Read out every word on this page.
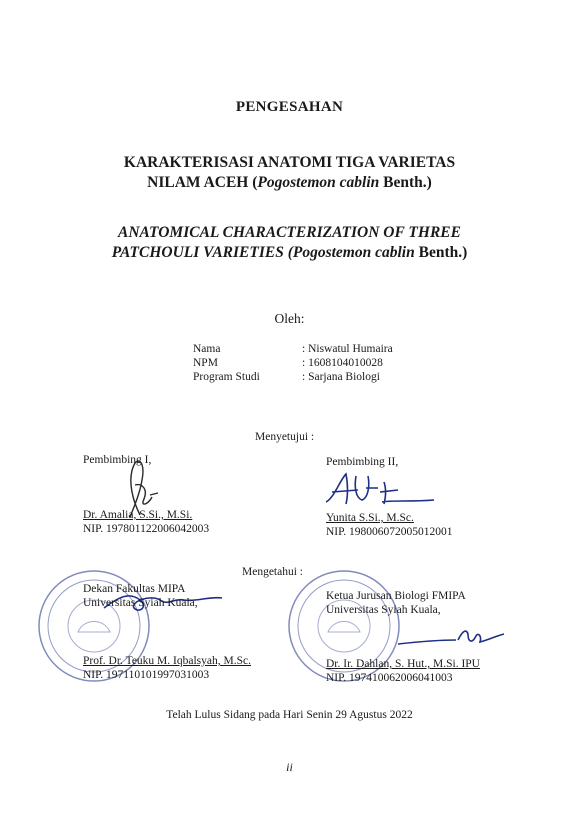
PENGESAHAN
KARAKTERISASI ANATOMI TIGA VARIETAS
NILAM ACEH (Pogostemon cablin Benth.)
ANATOMICAL CHARACTERIZATION OF THREE
PATCHOULI VARIETIES (Pogostemon cablin Benth.)
Oleh:
Nama	: Niswatul Humaira
NPM	: 1608104010028
Program Studi	: Sarjana Biologi
Menyetujui :
Pembimbing I,
Dr. Amalia, S.Si., M.Si.
NIP. 197801122006042003
Pembimbing II,
Yunita S.Si., M.Sc.
NIP. 198006072005012001
Mengetahui :
Dekan Fakultas MIPA
Universitas Syiah Kuala,
Prof. Dr. Teuku M. Iqbalsyah, M.Sc.
NIP. 197110101997031003
Ketua Jurusan Biologi FMIPA
Universitas Syiah Kuala,
Dr. Ir. Dahlan, S. Hut., M.Si. IPU
NIP. 197410062006041003
Telah Lulus Sidang pada Hari Senin 29 Agustus 2022
ii
